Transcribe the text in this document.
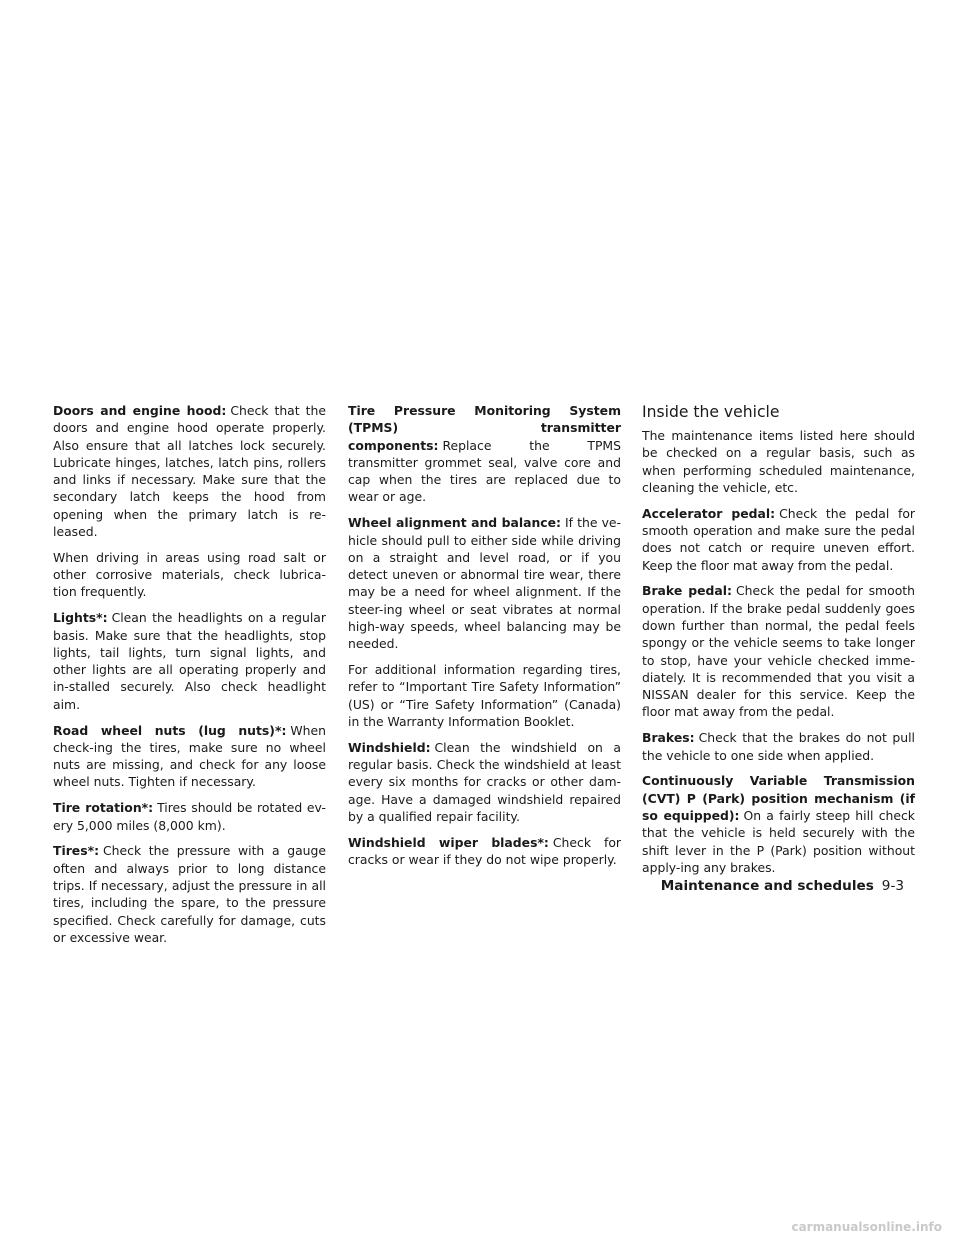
Doors and engine hood: Check that the doors and engine hood operate properly. Also ensure that all latches lock securely. Lubricate hinges, latches, latch pins, rollers and links if necessary. Make sure that the secondary latch keeps the hood from opening when the primary latch is re-leased.

When driving in areas using road salt or other corrosive materials, check lubrica-tion frequently.

Lights*: Clean the headlights on a regular basis. Make sure that the headlights, stop lights, tail lights, turn signal lights, and other lights are all operating properly and in-stalled securely. Also check headlight aim.

Road wheel nuts (lug nuts)*: When check-ing the tires, make sure no wheel nuts are missing, and check for any loose wheel nuts. Tighten if necessary.

Tire rotation*: Tires should be rotated ev-ery 5,000 miles (8,000 km).

Tires*: Check the pressure with a gauge often and always prior to long distance trips. If necessary, adjust the pressure in all tires, including the spare, to the pressure specified. Check carefully for damage, cuts or excessive wear.

Tire Pressure Monitoring System (TPMS) transmitter components: Replace the TPMS transmitter grommet seal, valve core and cap when the tires are replaced due to wear or age.

Wheel alignment and balance: If the ve-hicle should pull to either side while driving on a straight and level road, or if you detect uneven or abnormal tire wear, there may be a need for wheel alignment. If the steer-ing wheel or seat vibrates at normal high-way speeds, wheel balancing may be needed.

For additional information regarding tires, refer to “Important Tire Safety Information” (US) or “Tire Safety Information” (Canada) in the Warranty Information Booklet.

Windshield: Clean the windshield on a regular basis. Check the windshield at least every six months for cracks or other dam-age. Have a damaged windshield repaired by a qualified repair facility.

Windshield wiper blades*: Check for cracks or wear if they do not wipe properly.

Inside the vehicle

The maintenance items listed here should be checked on a regular basis, such as when performing scheduled maintenance, cleaning the vehicle, etc.

Accelerator pedal: Check the pedal for smooth operation and make sure the pedal does not catch or require uneven effort. Keep the floor mat away from the pedal.

Brake pedal: Check the pedal for smooth operation. If the brake pedal suddenly goes down further than normal, the pedal feels spongy or the vehicle seems to take longer to stop, have your vehicle checked imme-diately. It is recommended that you visit a NISSAN dealer for this service. Keep the floor mat away from the pedal.

Brakes: Check that the brakes do not pull the vehicle to one side when applied.

Continuously Variable Transmission (CVT) P (Park) position mechanism (if so equipped): On a fairly steep hill check that the vehicle is held securely with the shift lever in the P (Park) position without apply-ing any brakes.

Maintenance and schedules 9-3
carmanualsonline.info
